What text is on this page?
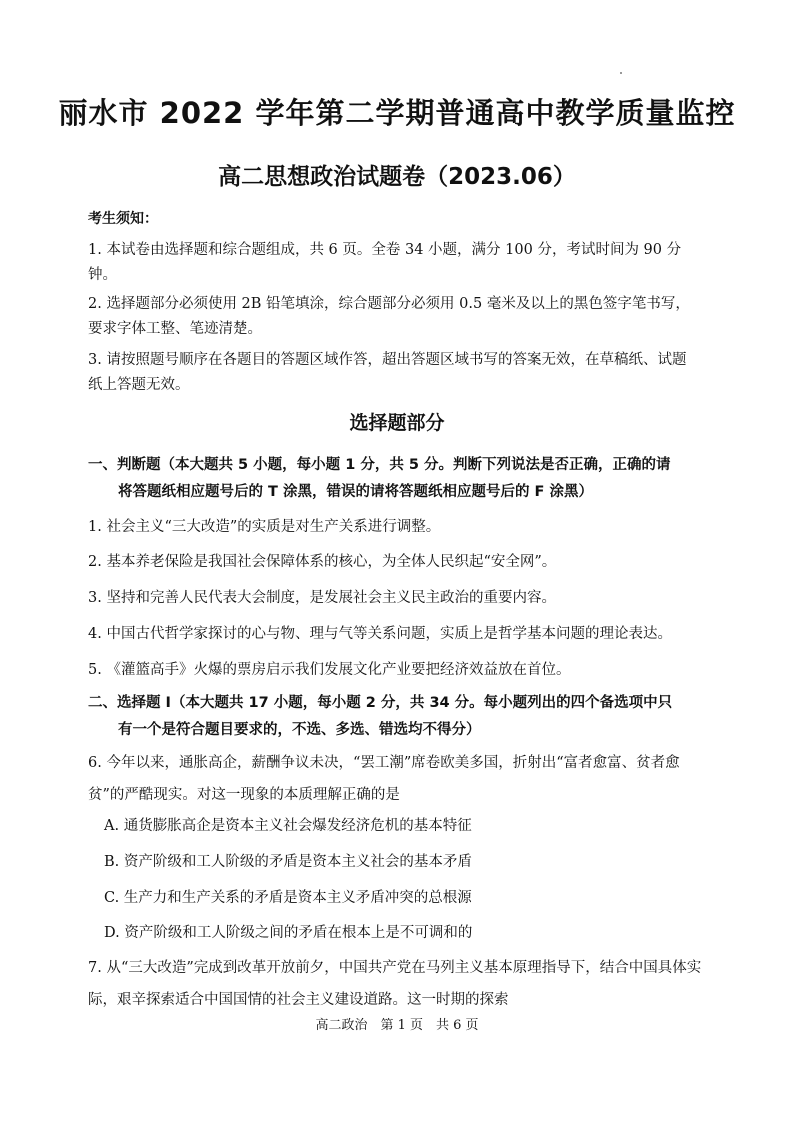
丽水市 2022 学年第二学期普通高中教学质量监控
高二思想政治试题卷（2023.06）
考生须知：
1. 本试卷由选择题和综合题组成，共 6 页。全卷 34 小题，满分 100 分，考试时间为 90 分钟。
2. 选择题部分必须使用 2B 铅笔填涂，综合题部分必须用 0.5 毫米及以上的黑色签字笔书写，要求字体工整、笔迹清楚。
3. 请按照题号顺序在各题目的答题区域作答，超出答题区域书写的答案无效，在草稿纸、试题纸上答题无效。
选择题部分
一、判断题（本大题共 5 小题，每小题 1 分，共 5 分。判断下列说法是否正确，正确的请
将答题纸相应题号后的 T 涂黑，错误的请将答题纸相应题号后的 F 涂黑）
1. 社会主义“三大改造”的实质是对生产关系进行调整。
2. 基本养老保险是我国社会保障体系的核心，为全体人民织起“安全网”。
3. 坚持和完善人民代表大会制度，是发展社会主义民主政治的重要内容。
4. 中国古代哲学家探讨的心与物、理与气等关系问题，实质上是哲学基本问题的理论表达。
5. 《灌篮高手》火爆的票房启示我们发展文化产业要把经济效益放在首位。
二、选择题 Ⅰ（本大题共 17 小题，每小题 2 分，共 34 分。每小题列出的四个备选项中只
有一个是符合题目要求的，不选、多选、错选均不得分）
6. 今年以来，通胀高企，薪酬争议未决，“罢工潮”席卷欧美多国，折射出“富者愈富、贫者愈贫”的严酷现实。对这一现象的本质理解正确的是
A. 通货膨胀高企是资本主义社会爆发经济危机的基本特征
B. 资产阶级和工人阶级的矛盾是资本主义社会的基本矛盾
C. 生产力和生产关系的矛盾是资本主义矛盾冲突的总根源
D. 资产阶级和工人阶级之间的矛盾在根本上是不可调和的
7. 从“三大改造”完成到改革开放前夕，中国共产党在马列主义基本原理指导下，结合中国具体实际，艰辛探索适合中国国情的社会主义建设道路。这一时期的探索
高二政治　第 1 页　共 6 页
